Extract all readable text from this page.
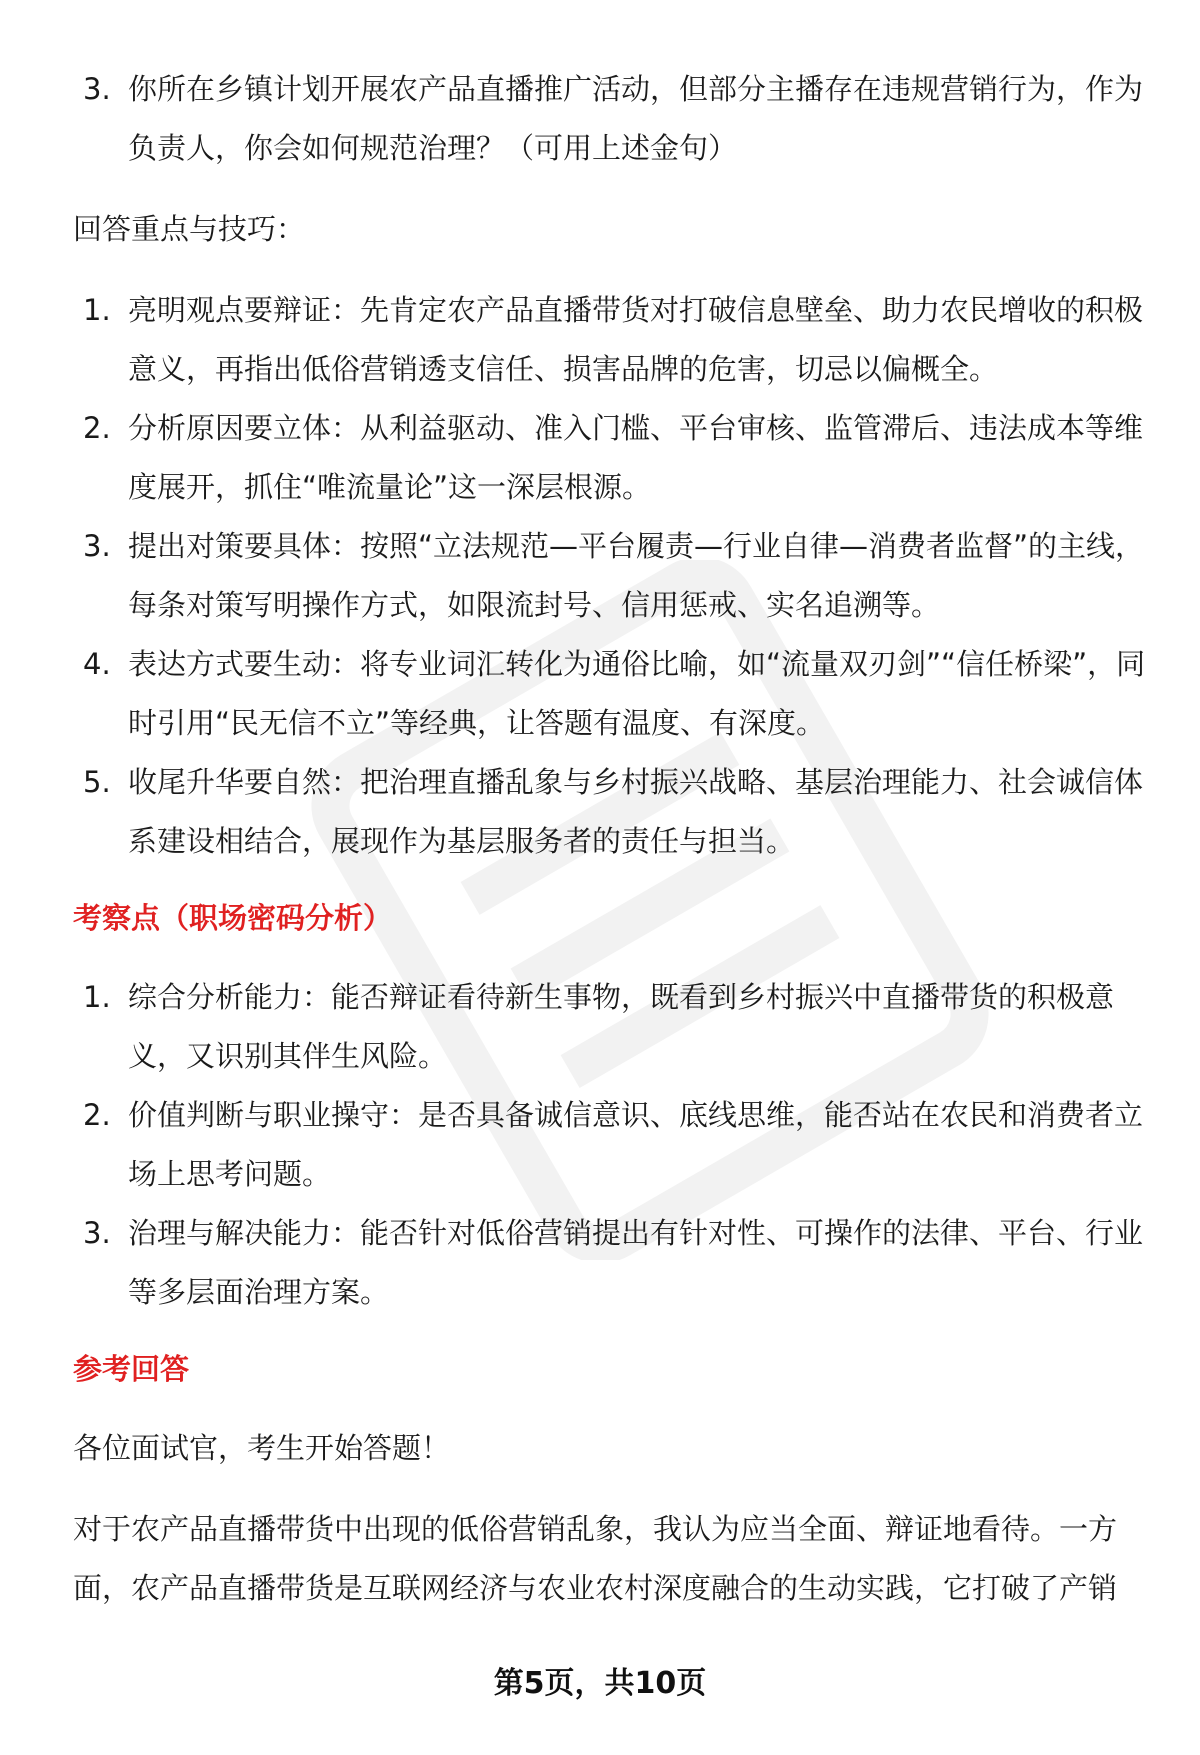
3. 你所在乡镇计划开展农产品直播推广活动，但部分主播存在违规营销行为，作为负责人，你会如何规范治理？（可用上述金句）
回答重点与技巧：
1. 亮明观点要辩证：先肯定农产品直播带货对打破信息壁垒、助力农民增收的积极意义，再指出低俗营销透支信任、损害品牌的危害，切忌以偏概全。
2. 分析原因要立体：从利益驱动、准入门槛、平台审核、监管滞后、违法成本等维度展开，抓住“唯流量论”这一深层根源。
3. 提出对策要具体：按照“立法规范—平台履责—行业自律—消费者监督”的主线，每条对策写明操作方式，如限流封号、信用惩戒、实名追溯等。
4. 表达方式要生动：将专业词汇转化为通俗比喻，如“流量双刃剑”“信任桥梁”，同时引用“民无信不立”等经典，让答题有温度、有深度。
5. 收尾升华要自然：把治理直播乱象与乡村振兴战略、基层治理能力、社会诚信体系建设相结合，展现作为基层服务者的责任与担当。
考察点（职场密码分析）
1. 综合分析能力：能否辩证看待新生事物，既看到乡村振兴中直播带货的积极意义，又识别其伴生风险。
2. 价值判断与职业操守：是否具备诚信意识、底线思维，能否站在农民和消费者立场上思考问题。
3. 治理与解决能力：能否针对低俗营销提出有针对性、可操作的法律、平台、行业等多层面治理方案。
参考回答
各位面试官，考生开始答题！
对于农产品直播带货中出现的低俗营销乱象，我认为应当全面、辩证地看待。一方面，农产品直播带货是互联网经济与农业农村深度融合的生动实践，它打破了产销
第5页，共10页
